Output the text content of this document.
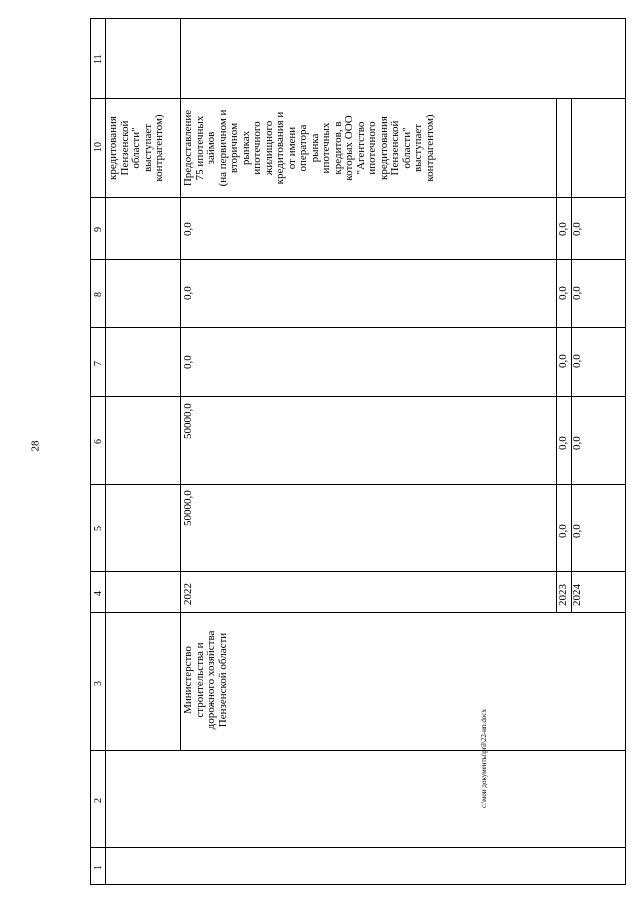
28
11
10
9
8
7
6
5
4
3
2
1
кредитования Пензенской области" выступает контрагентом)
Министерство строительства и дорожного хозяйства Пензенской области
2022
50000,0
50000,0
0,0
0,0
0,0
Предоставление 75 ипотечных займов (на первичном и вторичном рынках ипотечного жилищного кредитования и от имени оператора рынка ипотечных кредитов, в которых ООО "Агентство ипотечного кредитования Пензенской области" выступает контрагентом)
2023
0,0
0,0
0,0
0,0
0,0
2024
0,0
0,0
0,0
0,0
0,0
c:\мои документы\pril\22-ип.docx
